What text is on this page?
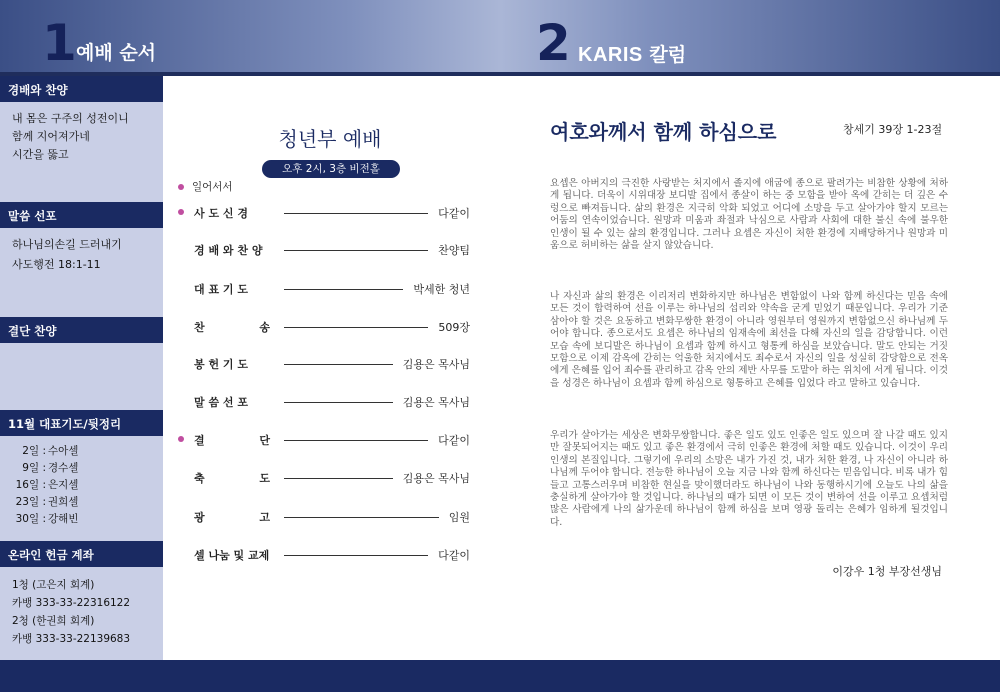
1 예배 순서	2 KARIS 칼럼
경배와 찬양
내 몸은 구주의 성전이니
함께 지어져가네
시간을 뚫고
말씀 선포
하나님의손길 드러내기
사도행전 18:1-11
결단 찬양
11월 대표기도/뒷정리
2일 : 수아셀
9일 : 경수셀
16일 : 은지셀
23일 : 권희셀
30일 : 강해빈
온라인 헌금 계좌
1청 (고은지 회계)
카뱅 333-33-22316122
2청 (한권희 회계)
카뱅 333-33-22139683
청년부 예배
오후 2시, 3층 비전홀
일어서서
사 도 신 경	다같이
경 배 와 찬 양	찬양팀
대 표 기 도	박세한 청년
찬	송	509장
봉 헌 기 도	김용은 목사님
말 씀 선 포	김용은 목사님
결	단	다같이
축	도	김용은 목사님
광	고	임원
셀 나눔 및 교제	다같이
여호와께서 함께 하심으로	창세기 39장 1-23절
요셉은 아버지의 극진한 사랑받는 처지에서 졸지에 애굽에 종으로 팔려가는 비참한 상황에 처하게 됩니다. 더욱이 시위대장 보디발 집에서 종살이 하는 중 모함을 받아 옥에 갇히는 더 깊은 수렁으로 빠져듭니다. 삶의 환경은 지극히 악화 되었고 어디에 소망을 두고 살아가야 할지 모르는 어둠의 연속이었습니다. 원망과 미움과 좌절과 낙심으로 사람과 사회에 대한 불신 속에 불우한 인생이 될 수 있는 삶의 환경입니다. 그러나 요셉은 자신이 처한 환경에 지배당하거나 원망과 미움으로 허비하는 삶을 살지 않았습니다.
나 자신과 삶의 환경은 이리저리 변화하지만 하나님은 변함없이 나와 함께 하신다는 믿음 속에 모든 것이 합력하여 선을 이루는 하나님의 섭리와 약속을 굳게 믿었기 때문입니다. 우리가 기준삼아야 할 것은 요동하고 변화무쌍한 환경이 아니라 영원부터 영원까지 변함없으신 하나님께 두어야 합니다. 종으로서도 요셉은 하나님의 임재속에 최선을 다해 자신의 일을 감당합니다. 이런 모습 속에 보디발은 하나님이 요셉과 함께 하시고 형통케 하심을 보았습니다. 말도 안되는 거짓 모함으로 이제 감옥에 갇히는 억울한 처지에서도 죄수로서 자신의 일을 성실히 감당함으로 전옥에게 은혜를 입어 죄수를 관리하고 감옥 안의 제반 사무를 도맡아 하는 위치에 서게 됩니다. 이것을 성경은 하나님이 요셉과 함께 하심으로 형통하고 은혜를 입었다 라고 말하고 있습니다.
우리가 살아가는 세상은 변화무쌍합니다. 좋은 일도 있도 인좋은 일도 있으며 잘 나갈 때도 있지만 잘못되어지는 때도 있고 좋은 환경에서 극히 인좋은 환경에 처할 때도 있습니다. 이것이 우리 인생의 본질입니다. 그렇기에 우리의 소망은 내가 가진 것, 내가 처한 환경, 나 자신이 아니라 하나님께 두어야 합니다. 전능한 하나님이 오늘 지금 나와 함께 하신다는 믿음입니다. 비록 내가 힘들고 고통스러우며 비참한 현실을 맞이했더라도 하나님이 나와 동행하시기에 오늘도 나의 삶을 충실하게 살아가야 할 것입니다. 하나님의 때가 되면 이 모든 것이 변하여 선을 이루고 요셉처럼 많은 사람에게 나의 삶가운데 하나님이 함께 하심을 보며 영광 돌리는 은혜가 임하게 될것입니다.
이강우 1청 부장선생님
